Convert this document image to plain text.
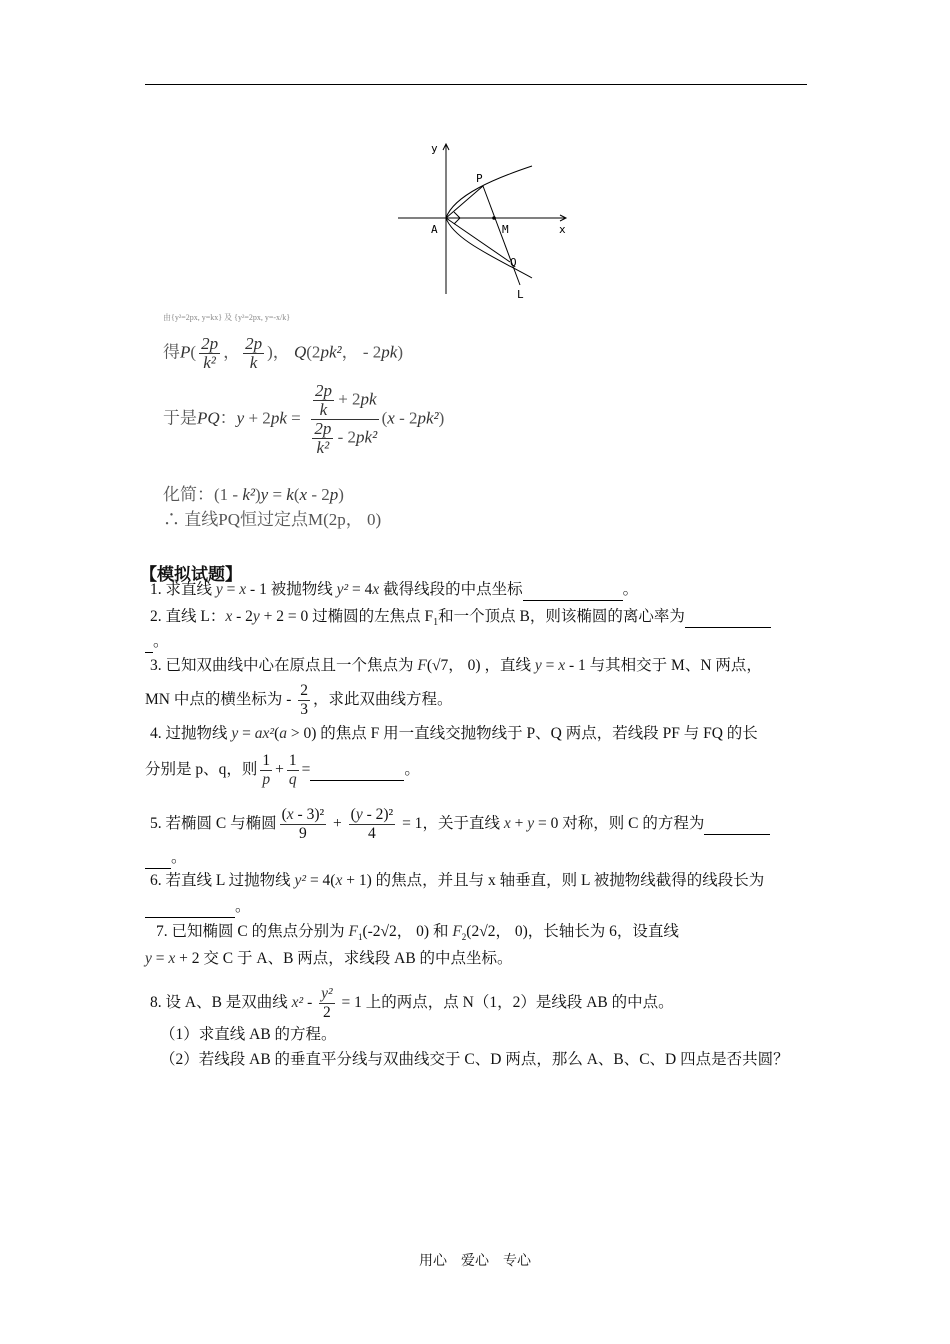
y
x
A	M
P
Q
L
由{y²=2px, y=kx} 及 {y²=2px, y=-x/k}
得$P( \frac{2p}{\text{k²}}$ ， $\frac{2p}{k}$ )， Q(2pk²， - 2pk)
于是PQ：$y + 2pk = \frac{\frac{2p}{k} + 2pk}{\frac{2p}{\text{k²}} - 2pk^2} (x - 2pk^2)$
化简：(1 - k²)y = k(x - 2p)
∴ 直线PQ恒过定点M(2p， 0)
【模拟试题】
1. 求直线 y = x - 1 被抛物线 y² = 4x 截得线段的中点坐标	。
2. 直线 L：x - 2y + 2 = 0 过椭圆的左焦点 $F_1$和一个顶点 B，则该椭圆的离心率为
。
3. 已知双曲线中心在原点且一个焦点为 F(√7， 0) ，直线 y = x - 1 与其相交于 M、N 两点，
MN 中点的横坐标为 - $\frac{2}{3}$ ，求此双曲线方程。
4. 过抛物线 y = ax²(a > 0) 的焦点 F 用一直线交抛物线于 P、Q 两点，若线段 PF 与 FQ 的长
分别是 p、q，则 $\frac{1}{p} + \frac{1}{q}$ =	。
5. 若椭圆 C 与椭圆 $\frac{\text{(x - 3)²}}{9} + \frac{\text{(y - 2)²}}{4} = 1$，关于直线 x + y = 0 对称，则 C 的方程为
。
6. 若直线 L 过抛物线 y² = 4(x + 1) 的焦点，并且与 x 轴垂直，则 L 被抛物线截得的线段长为
。
7. 已知椭圆 C 的焦点分别为 $F_1(-2√2$， 0) 和 $F_2(2√2$， 0)，长轴长为 6，设直线
y = x + 2 交 C 于 A、B 两点，求线段 AB 的中点坐标。
8. 设 A、B 是双曲线 $x^2 - \frac{\text{y²}}{2} = 1$ 上的两点，点 N（1，2）是线段 AB 的中点。
（1）求直线 AB 的方程。
（2）若线段 AB 的垂直平分线与双曲线交于 C、D 两点，那么 A、B、C、D 四点是否共圆？
用心　爱心　专心
